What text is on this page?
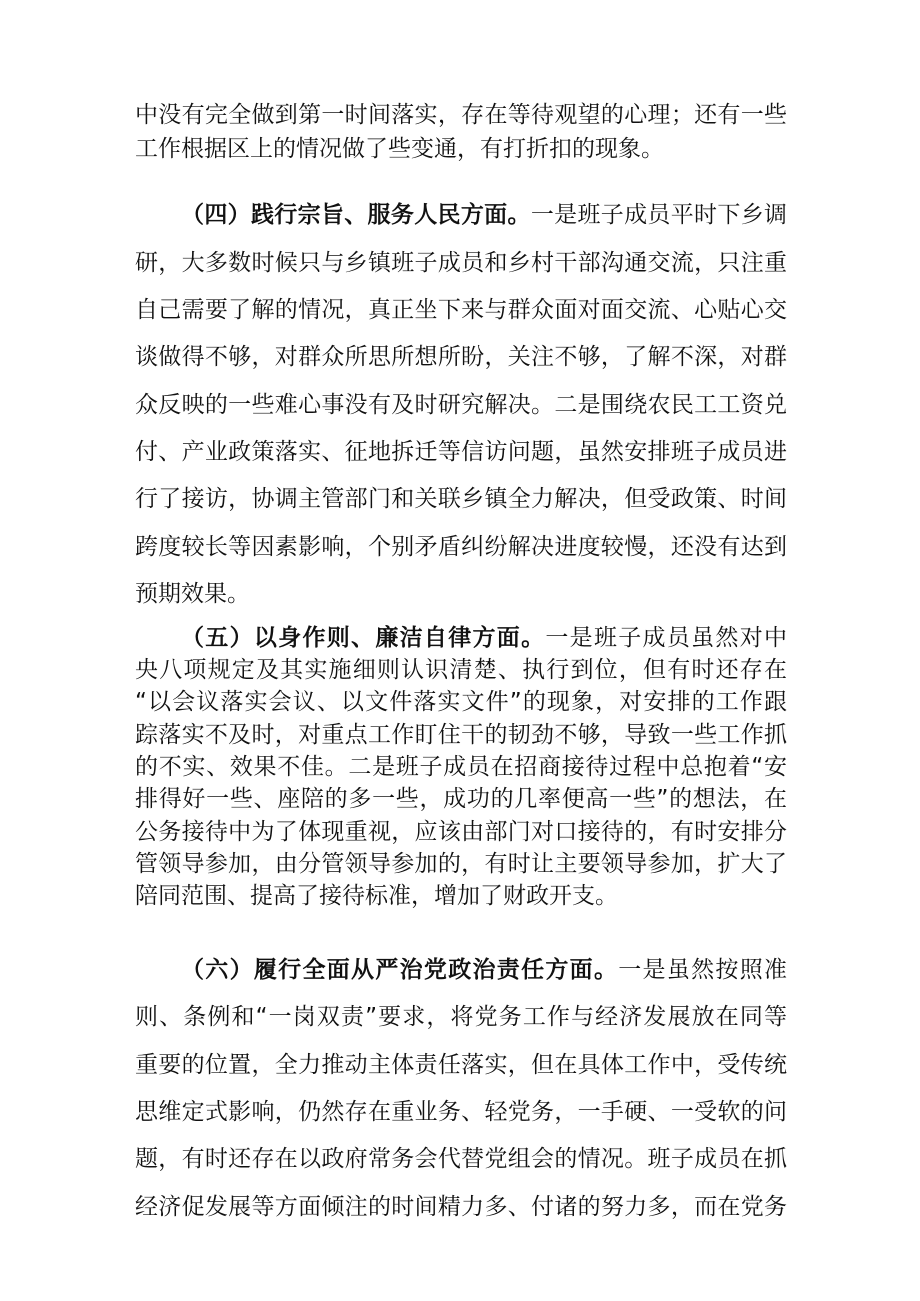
中没有完全做到第一时间落实，存在等待观望的心理；还有一些
工作根据区上的情况做了些变通，有打折扣的现象。
（四）践行宗旨、服务人民方面。一是班子成员平时下乡调
研，大多数时候只与乡镇班子成员和乡村干部沟通交流，只注重
自己需要了解的情况，真正坐下来与群众面对面交流、心贴心交
谈做得不够，对群众所思所想所盼，关注不够，了解不深，对群
众反映的一些难心事没有及时研究解决。二是围绕农民工工资兑
付、产业政策落实、征地拆迁等信访问题，虽然安排班子成员进
行了接访，协调主管部门和关联乡镇全力解决，但受政策、时间
跨度较长等因素影响，个别矛盾纠纷解决进度较慢，还没有达到
预期效果。
（五）以身作则、廉洁自律方面。一是班子成员虽然对中
央八项规定及其实施细则认识清楚、执行到位，但有时还存在
“以会议落实会议、以文件落实文件”的现象，对安排的工作跟
踪落实不及时，对重点工作盯住干的韧劲不够，导致一些工作抓
的不实、效果不佳。二是班子成员在招商接待过程中总抱着“安
排得好一些、座陪的多一些，成功的几率便高一些”的想法，在
公务接待中为了体现重视，应该由部门对口接待的，有时安排分
管领导参加，由分管领导参加的，有时让主要领导参加，扩大了
陪同范围、提高了接待标准，增加了财政开支。
（六）履行全面从严治党政治责任方面。一是虽然按照准
则、条例和“一岗双责”要求，将党务工作与经济发展放在同等
重要的位置，全力推动主体责任落实，但在具体工作中，受传统
思维定式影响，仍然存在重业务、轻党务，一手硬、一受软的问
题，有时还存在以政府常务会代替党组会的情况。班子成员在抓
经济促发展等方面倾注的时间精力多、付诸的努力多，而在党务
